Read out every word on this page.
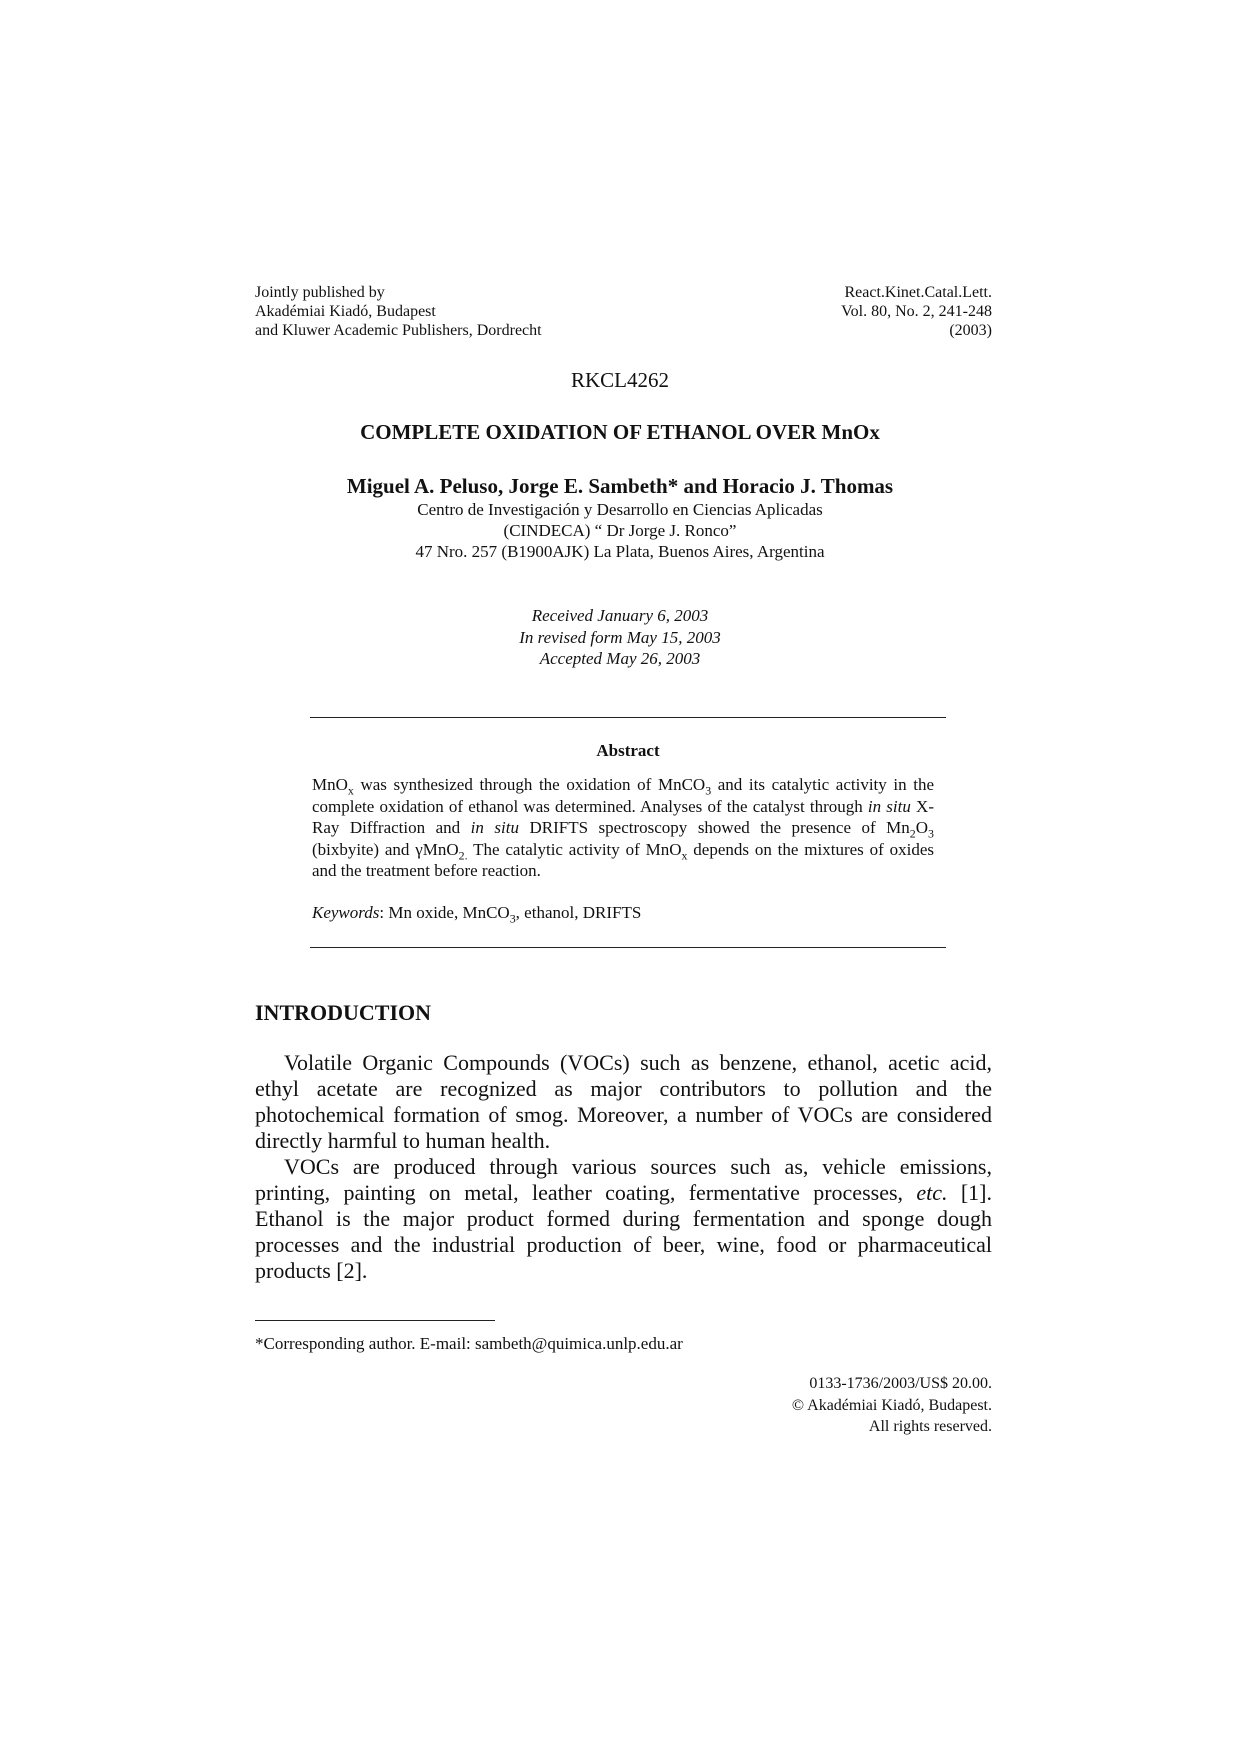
Jointly published by
Akadémiai Kiadó, Budapest
and Kluwer Academic Publishers, Dordrecht
React.Kinet.Catal.Lett.
Vol. 80, No. 2, 241-248
(2003)
RKCL4262
COMPLETE OXIDATION OF ETHANOL OVER MnOx
Miguel A. Peluso, Jorge E. Sambeth* and Horacio J. Thomas
Centro de Investigación y Desarrollo en Ciencias Aplicadas
(CINDECA) “ Dr Jorge J. Ronco”
47 Nro. 257 (B1900AJK) La Plata, Buenos Aires, Argentina
Received January 6, 2003
In revised form May 15, 2003
Accepted May 26, 2003
Abstract
MnO$_x$ was synthesized through the oxidation of MnCO$_3$ and its catalytic activity in the complete oxidation of ethanol was determined. Analyses of the catalyst through in situ X-Ray Diffraction and in situ DRIFTS spectroscopy showed the presence of $Mn_2O_3$ (bixbyite) and γMnO$_{2.}$ The catalytic activity of MnO$_x$ depends on the mixtures of oxides and the treatment before reaction.
Keywords: Mn oxide, MnCO$_3$, ethanol, DRIFTS
INTRODUCTION

Volatile Organic Compounds (VOCs) such as benzene, ethanol, acetic acid, ethyl acetate are recognized as major contributors to pollution and the photochemical formation of smog. Moreover, a number of VOCs are considered directly harmful to human health.

VOCs are produced through various sources such as, vehicle emissions, printing, painting on metal, leather coating, fermentative processes, etc. [1]. Ethanol is the major product formed during fermentation and sponge dough processes and the industrial production of beer, wine, food or pharmaceutical products [2].

*Corresponding author. E-mail: sambeth@quimica.unlp.edu.ar
0133-1736/2003/US$ 20.00.
© Akadémiai Kiadó, Budapest.
All rights reserved.
